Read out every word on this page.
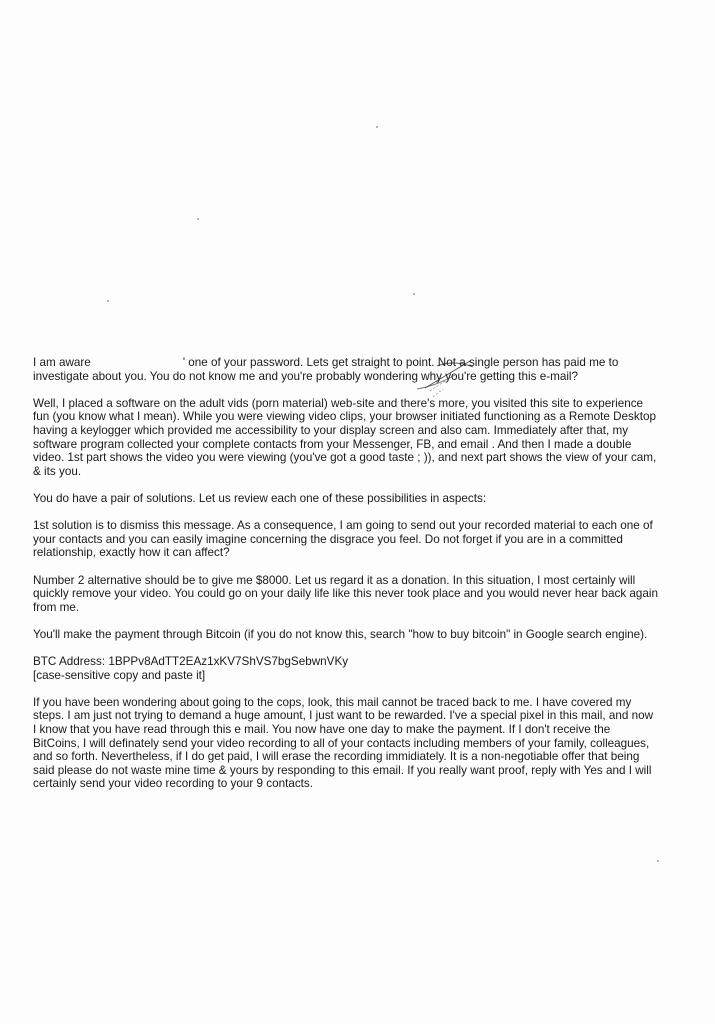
I am aware	' one of your password. Lets get straight to point. Not a single person has paid me to investigate about you. You do not know me and you're probably wondering why you're getting this e-mail?

Well, I placed a software on the adult vids (porn material) web-site and there's more, you visited this site to experience fun (you know what I mean). While you were viewing video clips, your browser initiated functioning as a Remote Desktop having a keylogger which provided me accessibility to your display screen and also cam. Immediately after that, my software program collected your complete contacts from your Messenger, FB, and email . And then I made a double video. 1st part shows the video you were viewing (you've got a good taste ; )), and next part shows the view of your cam, & its you.

You do have a pair of solutions. Let us review each one of these possibilities in aspects:

1st solution is to dismiss this message. As a consequence, I am going to send out your recorded material to each one of your contacts and you can easily imagine concerning the disgrace you feel. Do not forget if you are in a committed relationship, exactly how it can affect?

Number 2 alternative should be to give me $8000. Let us regard it as a donation. In this situation, I most certainly will quickly remove your video. You could go on your daily life like this never took place and you would never hear back again from me.

You'll make the payment through Bitcoin (if you do not know this, search "how to buy bitcoin" in Google search engine).

BTC Address: 1BPPv8AdTT2EAz1xKV7ShVS7bgSebwnVKy

[case-sensitive copy and paste it]

If you have been wondering about going to the cops, look, this mail cannot be traced back to me. I have covered my steps. I am just not trying to demand a huge amount, I just want to be rewarded. I've a special pixel in this mail, and now I know that you have read through this e mail. You now have one day to make the payment. If I don't receive the BitCoins, I will definately send your video recording to all of your contacts including members of your family, colleagues, and so forth. Nevertheless, if I do get paid, I will erase the recording immidiately. It is a non-negotiable offer that being said please do not waste mine time & yours by responding to this email. If you really want proof, reply with Yes and I will certainly send your video recording to your 9 contacts.
